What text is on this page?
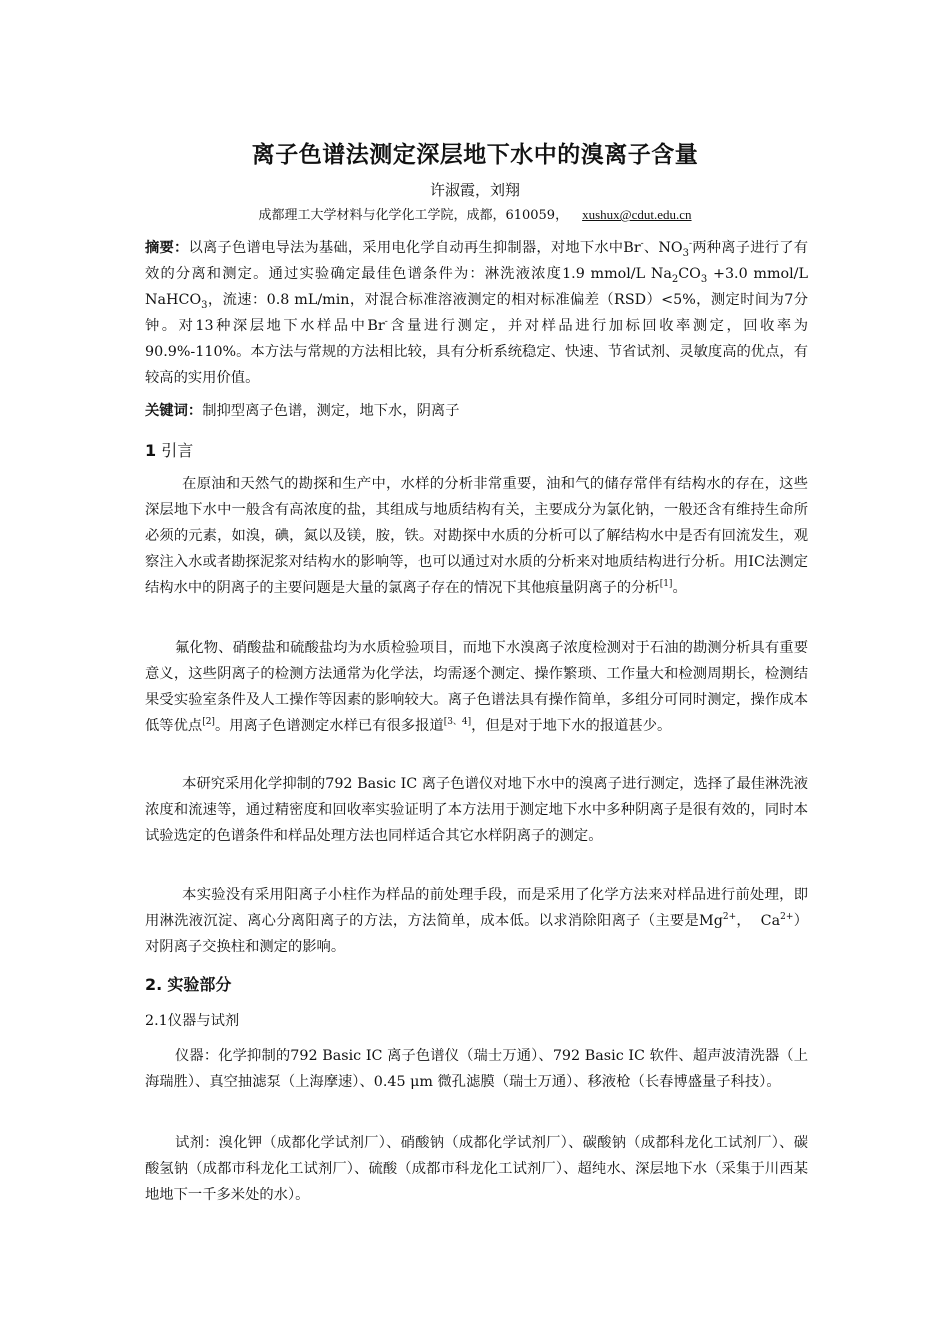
离子色谱法测定深层地下水中的溴离子含量
许淑霞，刘翔
成都理工大学材料与化学化工学院，成都，610059， xushux@cdut.edu.cn
摘要：以离子色谱电导法为基础，采用电化学自动再生抑制器，对地下水中Br-、$NO_3^-$两种离子进行了有效的分离和测定。通过实验确定最佳色谱条件为：淋洗液浓度1.9 mmol/L $Na_2CO_3 +3.0$ mmol/L NaHCO$_3$，流速：0.8 mL/min，对混合标准溶液测定的相对标准偏差（RSD）<5%，测定时间为7分钟。对13种深层地下水样品中Br-含量进行测定，并对样品进行加标回收率测定，回收率为90.9%-110%。本方法与常规的方法相比较，具有分析系统稳定、快速、节省试剂、灵敏度高的优点，有较高的实用价值。
关键词：制抑型离子色谱，测定，地下水，阴离子
1 引言
在原油和天然气的勘探和生产中，水样的分析非常重要，油和气的储存常伴有结构水的存在，这些深层地下水中一般含有高浓度的盐，其组成与地质结构有关，主要成分为氯化钠，一般还含有维持生命所必须的元素，如溴，碘，氮以及镁，胺，铁。对勘探中水质的分析可以了解结构水中是否有回流发生，观察注入水或者勘探泥浆对结构水的影响等，也可以通过对水质的分析来对地质结构进行分析。用IC法测定结构水中的阴离子的主要问题是大量的氯离子存在的情况下其他痕量阴离子的分析[1]。
氟化物、硝酸盐和硫酸盐均为水质检验项目，而地下水溴离子浓度检测对于石油的勘测分析具有重要意义，这些阴离子的检测方法通常为化学法，均需逐个测定、操作繁琐、工作量大和检测周期长，检测结果受实验室条件及人工操作等因素的影响较大。离子色谱法具有操作简单，多组分可同时测定，操作成本低等优点[2]。用离子色谱测定水样已有很多报道[3、4]，但是对于地下水的报道甚少。
本研究采用化学抑制的792 Basic IC 离子色谱仪对地下水中的溴离子进行测定，选择了最佳淋洗液浓度和流速等，通过精密度和回收率实验证明了本方法用于测定地下水中多种阴离子是很有效的，同时本试验选定的色谱条件和样品处理方法也同样适合其它水样阴离子的测定。
本实验没有采用阳离子小柱作为样品的前处理手段，而是采用了化学方法来对样品进行前处理，即用淋洗液沉淀、离心分离阳离子的方法，方法简单，成本低。以求消除阳离子（主要是$Mg^{2+}$，  $Ca^{2+}$）对阴离子交换柱和测定的影响。
2. 实验部分
2.1仪器与试剂
仪器：化学抑制的792 Basic IC 离子色谱仪（瑞士万通）、792 Basic IC 软件、超声波清洗器（上海瑞胜）、真空抽滤泵（上海摩速）、0.45 μm 微孔滤膜（瑞士万通）、移液枪（长春博盛量子科技）。
试剂：溴化钾（成都化学试剂厂）、硝酸钠（成都化学试剂厂）、碳酸钠（成都科龙化工试剂厂）、碳酸氢钠（成都市科龙化工试剂厂）、硫酸（成都市科龙化工试剂厂）、超纯水、深层地下水（采集于川西某地地下一千多米处的水）。
